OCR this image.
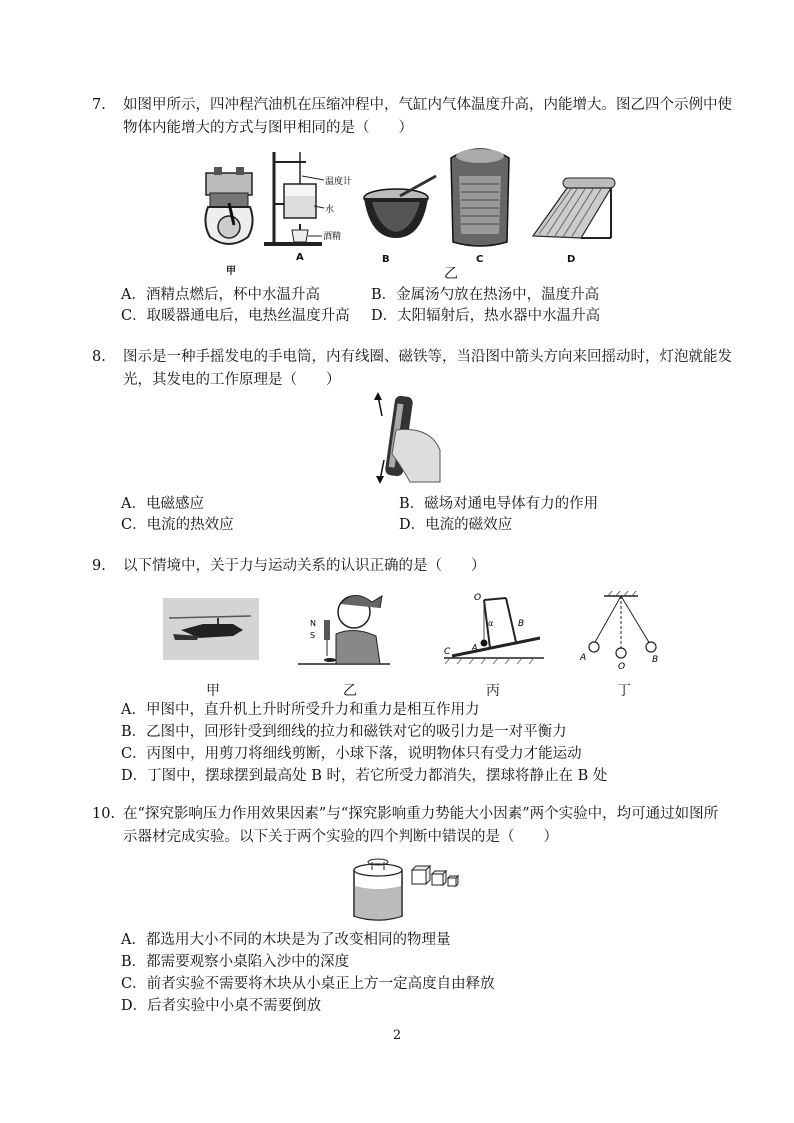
7.	如图甲所示，四冲程汽油机在压缩冲程中，气缸内气体温度升高，内能增大。图乙四个示例中使物体内能增大的方式与图甲相同的是（　　）
甲
温度计
水
酒精
A	B	C	D
乙
A．酒精点燃后，杯中水温升高	B．金属汤勺放在热汤中，温度升高
C．取暖器通电后，电热丝温度升高 D．太阳辐射后，热水器中水温升高
8.	图示是一种手摇发电的手电筒，内有线圈、磁铁等，当沿图中箭头方向来回摇动时，灯泡就能发光，其发电的工作原理是（　　）
A．电磁感应	B．磁场对通电导体有力的作用
C．电流的热效应	D．电流的磁效应
9.	以下情境中，关于力与运动关系的认识正确的是（　　）
甲
N
S
乙
O
α
A
B
C
丙
A
O
B
丁
A．甲图中，直升机上升时所受升力和重力是相互作用力
B．乙图中，回形针受到细线的拉力和磁铁对它的吸引力是一对平衡力
C．丙图中，用剪刀将细线剪断，小球下落，说明物体只有受力才能运动
D．丁图中，摆球摆到最高处 B 时，若它所受力都消失，摆球将静止在 B 处
10. 在“探究影响压力作用效果因素”与“探究影响重力势能大小因素”两个实验中，均可通过如图所示器材完成实验。以下关于两个实验的四个判断中错误的是（　　）
A．都选用大小不同的木块是为了改变相同的物理量
B．都需要观察小桌陷入沙中的深度
C．前者实验不需要将木块从小桌正上方一定高度自由释放
D．后者实验中小桌不需要倒放
2
